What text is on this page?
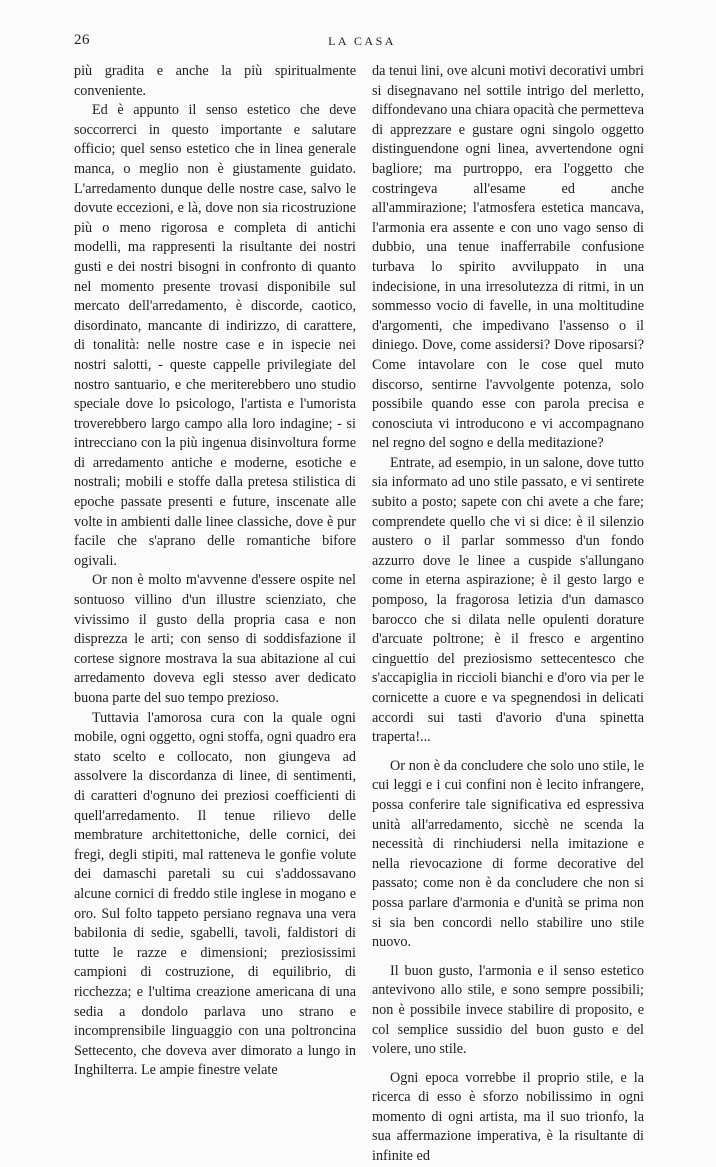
26	LA CASA

più gradita e anche la più spiritualmente conveniente.

Ed è appunto il senso estetico che deve soccorrerci in questo importante e salutare officio; quel senso estetico che in linea generale manca, o meglio non è giustamente guidato. L'arredamento dunque delle nostre case, salvo le dovute eccezioni, e là, dove non sia ricostruzione più o meno rigorosa e completa di antichi modelli, ma rappresenti la risultante dei nostri gusti e dei nostri bisogni in confronto di quanto nel momento presente trovasi disponibile sul mercato dell'arredamento, è discorde, caotico, disordinato, mancante di indirizzo, di carattere, di tonalità: nelle nostre case e in ispecie nei nostri salotti, - queste cappelle privilegiate del nostro santuario, e che meriterebbero uno studio speciale dove lo psicologo, l'artista e l'umorista troverebbero largo campo alla loro indagine; - si intrecciano con la più ingenua disinvoltura forme di arredamento antiche e moderne, esotiche e nostrali; mobili e stoffe dalla pretesa stilistica di epoche passate presenti e future, inscenate alle volte in ambienti dalle linee classiche, dove è pur facile che s'aprano delle romantiche bifore ogivali.

Or non è molto m'avvenne d'essere ospite nel sontuoso villino d'un illustre scienziato, che vivissimo il gusto della propria casa e non disprezza le arti; con senso di soddisfazione il cortese signore mostrava la sua abitazione al cui arredamento doveva egli stesso aver dedicato buona parte del suo tempo prezioso.

Tuttavia l'amorosa cura con la quale ogni mobile, ogni oggetto, ogni stoffa, ogni quadro era stato scelto e collocato, non giungeva ad assolvere la discordanza di linee, di sentimenti, di caratteri d'ognuno dei preziosi coefficienti di quell'arredamento. Il tenue rilievo delle membrature architettoniche, delle cornici, dei fregi, degli stipiti, mal ratteneva le gonfie volute dei damaschi paretali su cui s'addossavano alcune cornici di freddo stile inglese in mogano e oro. Sul folto tappeto persiano regnava una vera babilonia di sedie, sgabelli, tavoli, faldistori di tutte le razze e dimensioni; preziosissimi campioni di costruzione, di equilibrio, di ricchezza; e l'ultima creazione americana di una sedia a dondolo parlava uno strano e incomprensibile linguaggio con una poltroncina Settecento, che doveva aver dimorato a lungo in Inghilterra. Le ampie finestre velate

da tenui lini, ove alcuni motivi decorativi umbri si disegnavano nel sottile intrigo del merletto, diffondevano una chiara opacità che permetteva di apprezzare e gustare ogni singolo oggetto distinguendone ogni linea, avvertendone ogni bagliore; ma purtroppo, era l'oggetto che costringeva all'esame ed anche all'ammirazione; l'atmosfera estetica mancava, l'armonia era assente e con uno vago senso di dubbio, una tenue inafferrabile confusione turbava lo spirito avviluppato in una indecisione, in una irresolutezza di ritmi, in un sommesso vocio di favelle, in una moltitudine d'argomenti, che impedivano l'assenso o il diniego. Dove, come assidersi? Dove riposarsi? Come intavolare con le cose quel muto discorso, sentirne l'avvolgente potenza, solo possibile quando esse con parola precisa e conosciuta vi introducono e vi accompagnano nel regno del sogno e della meditazione?

Entrate, ad esempio, in un salone, dove tutto sia informato ad uno stile passato, e vi sentirete subito a posto; sapete con chi avete a che fare; comprendete quello che vi si dice: è il silenzio austero o il parlar sommesso d'un fondo azzurro dove le linee a cuspide s'allungano come in eterna aspirazione; è il gesto largo e pomposo, la fragorosa letizia d'un damasco barocco che si dilata nelle opulenti dorature d'arcuate poltrone; è il fresco e argentino cinguettio del preziosismo settecentesco che s'accapiglia in riccioli bianchi e d'oro via per le cornicette a cuore e va spegnendosi in delicati accordi sui tasti d'avorio d'una spinetta traperta!...

Or non è da concludere che solo uno stile, le cui leggi e i cui confini non è lecito infrangere, possa conferire tale significativa ed espressiva unità all'arredamento, sicchè ne scenda la necessità di rinchiudersi nella imitazione e nella rievocazione di forme decorative del passato; come non è da concludere che non si possa parlare d'armonia e d'unità se prima non si sia ben concordi nello stabilire uno stile nuovo.

Il buon gusto, l'armonia e il senso estetico antevivono allo stile, e sono sempre possibili; non è possibile invece stabilire di proposito, e col semplice sussidio del buon gusto e del volere, uno stile.

Ogni epoca vorrebbe il proprio stile, e la ricerca di esso è sforzo nobilissimo in ogni momento di ogni artista, ma il suo trionfo, la sua affermazione imperativa, è la risultante di infinite ed
